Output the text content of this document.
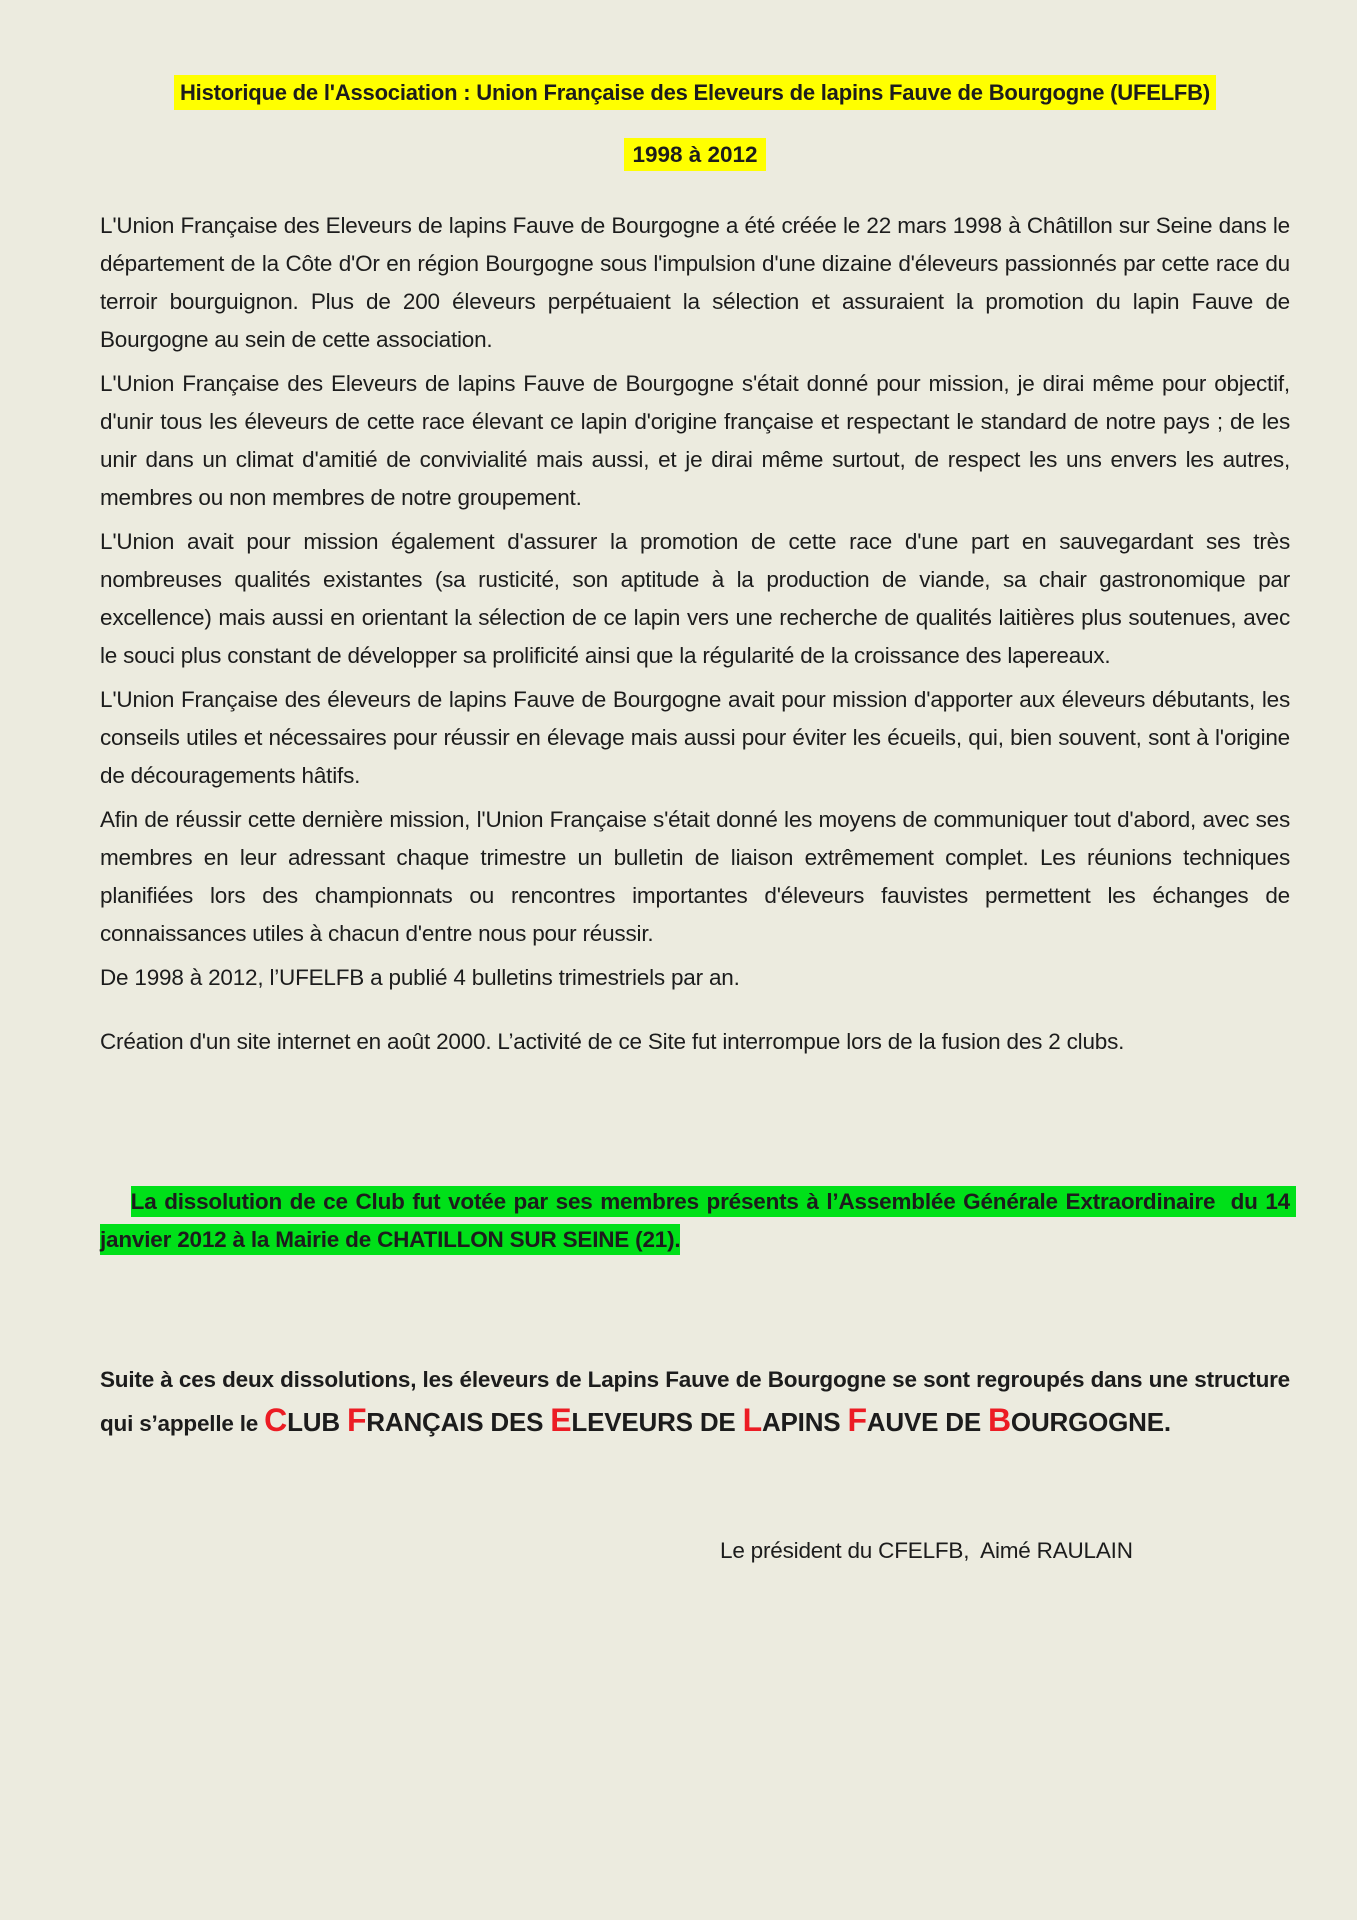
Historique de l'Association : Union Française des Eleveurs de lapins Fauve de Bourgogne (UFELFB)
1998 à 2012

L'Union Française des Eleveurs de lapins Fauve de Bourgogne a été créée le 22 mars 1998 à Châtillon sur Seine dans le département de la Côte d'Or en région Bourgogne sous l'impulsion d'une dizaine d'éleveurs passionnés par cette race du terroir bourguignon. Plus de 200 éleveurs perpétuaient la sélection et assuraient la promotion du lapin Fauve de Bourgogne au sein de cette association.

L'Union Française des Eleveurs de lapins Fauve de Bourgogne s'était donné pour mission, je dirai même pour objectif, d'unir tous les éleveurs de cette race élevant ce lapin d'origine française et respectant le standard de notre pays ; de les unir dans un climat d'amitié de convivialité mais aussi, et je dirai même surtout, de respect les uns envers les autres, membres ou non membres de notre groupement.

L'Union avait pour mission également d'assurer la promotion de cette race d'une part en sauvegardant ses très nombreuses qualités existantes (sa rusticité, son aptitude à la production de viande, sa chair gastronomique par excellence) mais aussi en orientant la sélection de ce lapin vers une recherche de qualités laitières plus soutenues, avec le souci plus constant de développer sa prolificité ainsi que la régularité de la croissance des lapereaux.

L'Union Française des éleveurs de lapins Fauve de Bourgogne avait pour mission d'apporter aux éleveurs débutants, les conseils utiles et nécessaires pour réussir en élevage mais aussi pour éviter les écueils, qui, bien souvent, sont à l'origine de découragements hâtifs.

Afin de réussir cette dernière mission, l'Union Française s'était donné les moyens de communiquer tout d'abord, avec ses membres en leur adressant chaque trimestre un bulletin de liaison extrêmement complet. Les réunions techniques planifiées lors des championnats ou rencontres importantes d'éleveurs fauvistes permettent les échanges de connaissances utiles à chacun d'entre nous pour réussir.

De 1998 à 2012, l’UFELFB a publié 4 bulletins trimestriels par an.

Création d'un site internet en août 2000. L’activité de ce Site fut interrompue lors de la fusion des 2 clubs.

La dissolution de ce Club fut votée par ses membres présents à l’Assemblée Générale Extraordinaire  du 14 janvier 2012 à la Mairie de CHATILLON SUR SEINE (21).

Suite à ces deux dissolutions, les éleveurs de Lapins Fauve de Bourgogne se sont regroupés dans une structure qui s’appelle le CLUB FRANÇAIS DES ELEVEURS DE LAPINS FAUVE DE BOURGOGNE.

Le président du CFELFB,  Aimé RAULAIN
